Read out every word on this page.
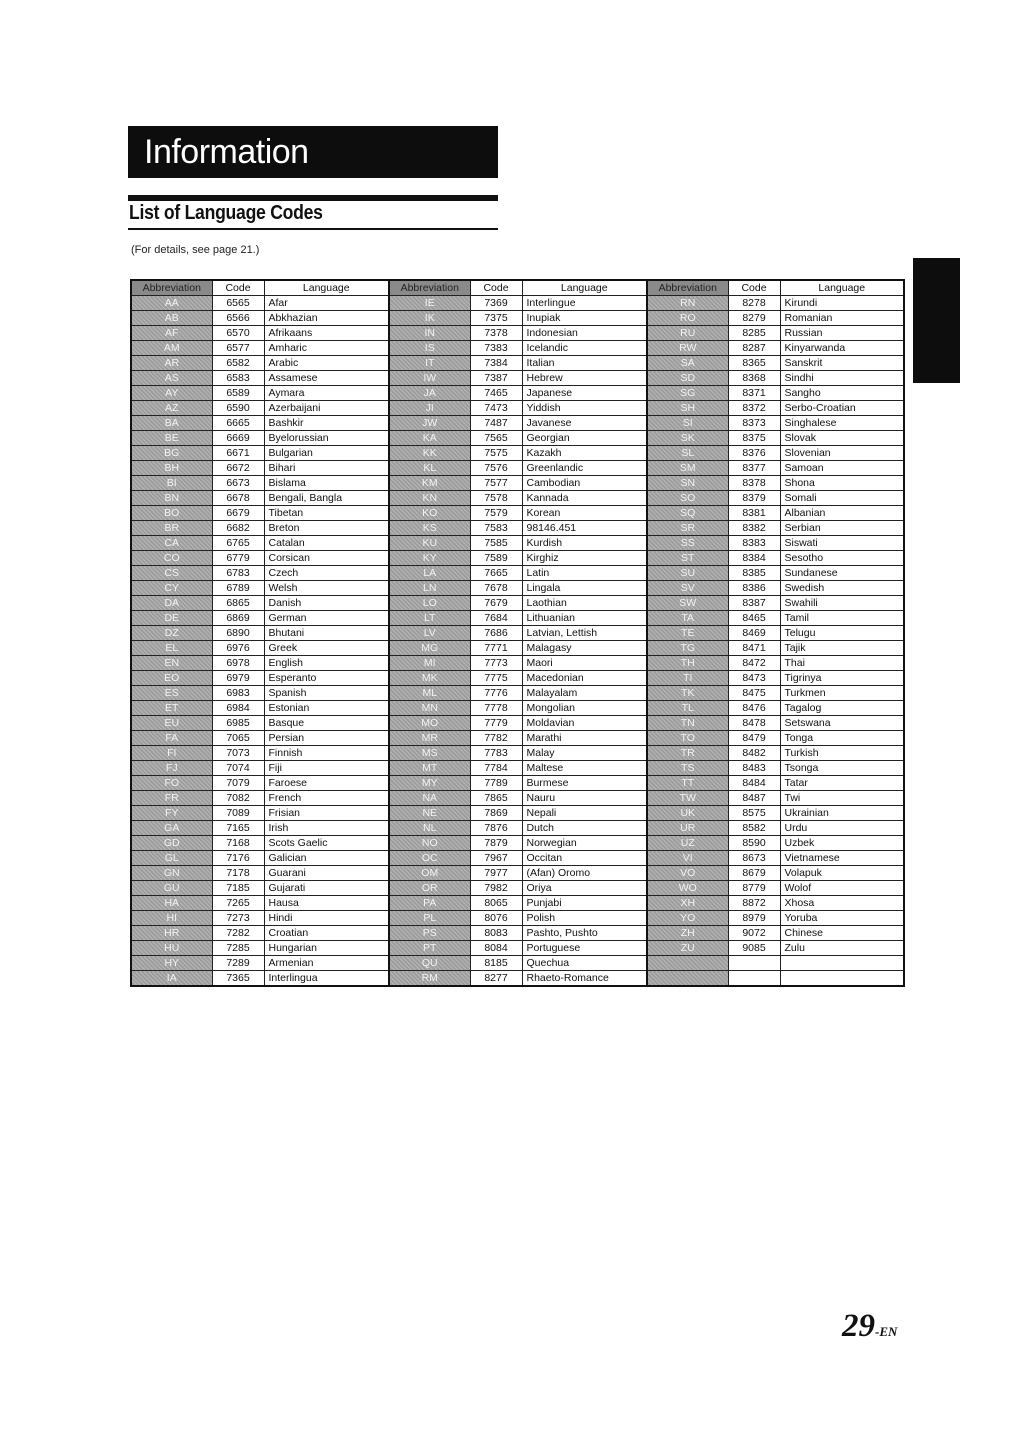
Information
List of Language Codes
(For details, see page 21.)
Abbreviation	Code	Language	Abbreviation	Code	Language	Abbreviation	Code	Language
AA	6565	Afar	IE	7369	Interlingue	RN	8278	Kirundi
AB	6566	Abkhazian	IK	7375	Inupiak	RO	8279	Romanian
AF	6570	Afrikaans	IN	7378	Indonesian	RU	8285	Russian
AM	6577	Amharic	IS	7383	Icelandic	RW	8287	Kinyarwanda
AR	6582	Arabic	IT	7384	Italian	SA	8365	Sanskrit
AS	6583	Assamese	IW	7387	Hebrew	SD	8368	Sindhi
AY	6589	Aymara	JA	7465	Japanese	SG	8371	Sangho
AZ	6590	Azerbaijani	JI	7473	Yiddish	SH	8372	Serbo-Croatian
BA	6665	Bashkir	JW	7487	Javanese	SI	8373	Singhalese
BE	6669	Byelorussian	KA	7565	Georgian	SK	8375	Slovak
BG	6671	Bulgarian	KK	7575	Kazakh	SL	8376	Slovenian
BH	6672	Bihari	KL	7576	Greenlandic	SM	8377	Samoan
BI	6673	Bislama	KM	7577	Cambodian	SN	8378	Shona
BN	6678	Bengali, Bangla	KN	7578	Kannada	SO	8379	Somali
BO	6679	Tibetan	KO	7579	Korean	SQ	8381	Albanian
BR	6682	Breton	KS	7583	98146.451	SR	8382	Serbian
CA	6765	Catalan	KU	7585	Kurdish	SS	8383	Siswati
CO	6779	Corsican	KY	7589	Kirghiz	ST	8384	Sesotho
CS	6783	Czech	LA	7665	Latin	SU	8385	Sundanese
CY	6789	Welsh	LN	7678	Lingala	SV	8386	Swedish
DA	6865	Danish	LO	7679	Laothian	SW	8387	Swahili
DE	6869	German	LT	7684	Lithuanian	TA	8465	Tamil
DZ	6890	Bhutani	LV	7686	Latvian, Lettish	TE	8469	Telugu
EL	6976	Greek	MG	7771	Malagasy	TG	8471	Tajik
EN	6978	English	MI	7773	Maori	TH	8472	Thai
EO	6979	Esperanto	MK	7775	Macedonian	TI	8473	Tigrinya
ES	6983	Spanish	ML	7776	Malayalam	TK	8475	Turkmen
ET	6984	Estonian	MN	7778	Mongolian	TL	8476	Tagalog
EU	6985	Basque	MO	7779	Moldavian	TN	8478	Setswana
FA	7065	Persian	MR	7782	Marathi	TO	8479	Tonga
FI	7073	Finnish	MS	7783	Malay	TR	8482	Turkish
FJ	7074	Fiji	MT	7784	Maltese	TS	8483	Tsonga
FO	7079	Faroese	MY	7789	Burmese	TT	8484	Tatar
FR	7082	French	NA	7865	Nauru	TW	8487	Twi
FY	7089	Frisian	NE	7869	Nepali	UK	8575	Ukrainian
GA	7165	Irish	NL	7876	Dutch	UR	8582	Urdu
GD	7168	Scots Gaelic	NO	7879	Norwegian	UZ	8590	Uzbek
GL	7176	Galician	OC	7967	Occitan	VI	8673	Vietnamese
GN	7178	Guarani	OM	7977	(Afan) Oromo	VO	8679	Volapuk
GU	7185	Gujarati	OR	7982	Oriya	WO	8779	Wolof
HA	7265	Hausa	PA	8065	Punjabi	XH	8872	Xhosa
HI	7273	Hindi	PL	8076	Polish	YO	8979	Yoruba
HR	7282	Croatian	PS	8083	Pashto, Pushto	ZH	9072	Chinese
HU	7285	Hungarian	PT	8084	Portuguese	ZU	9085	Zulu
HY	7289	Armenian	QU	8185	Quechua			
IA	7365	Interlingua	RM	8277	Rhaeto-Romance			
29-EN
